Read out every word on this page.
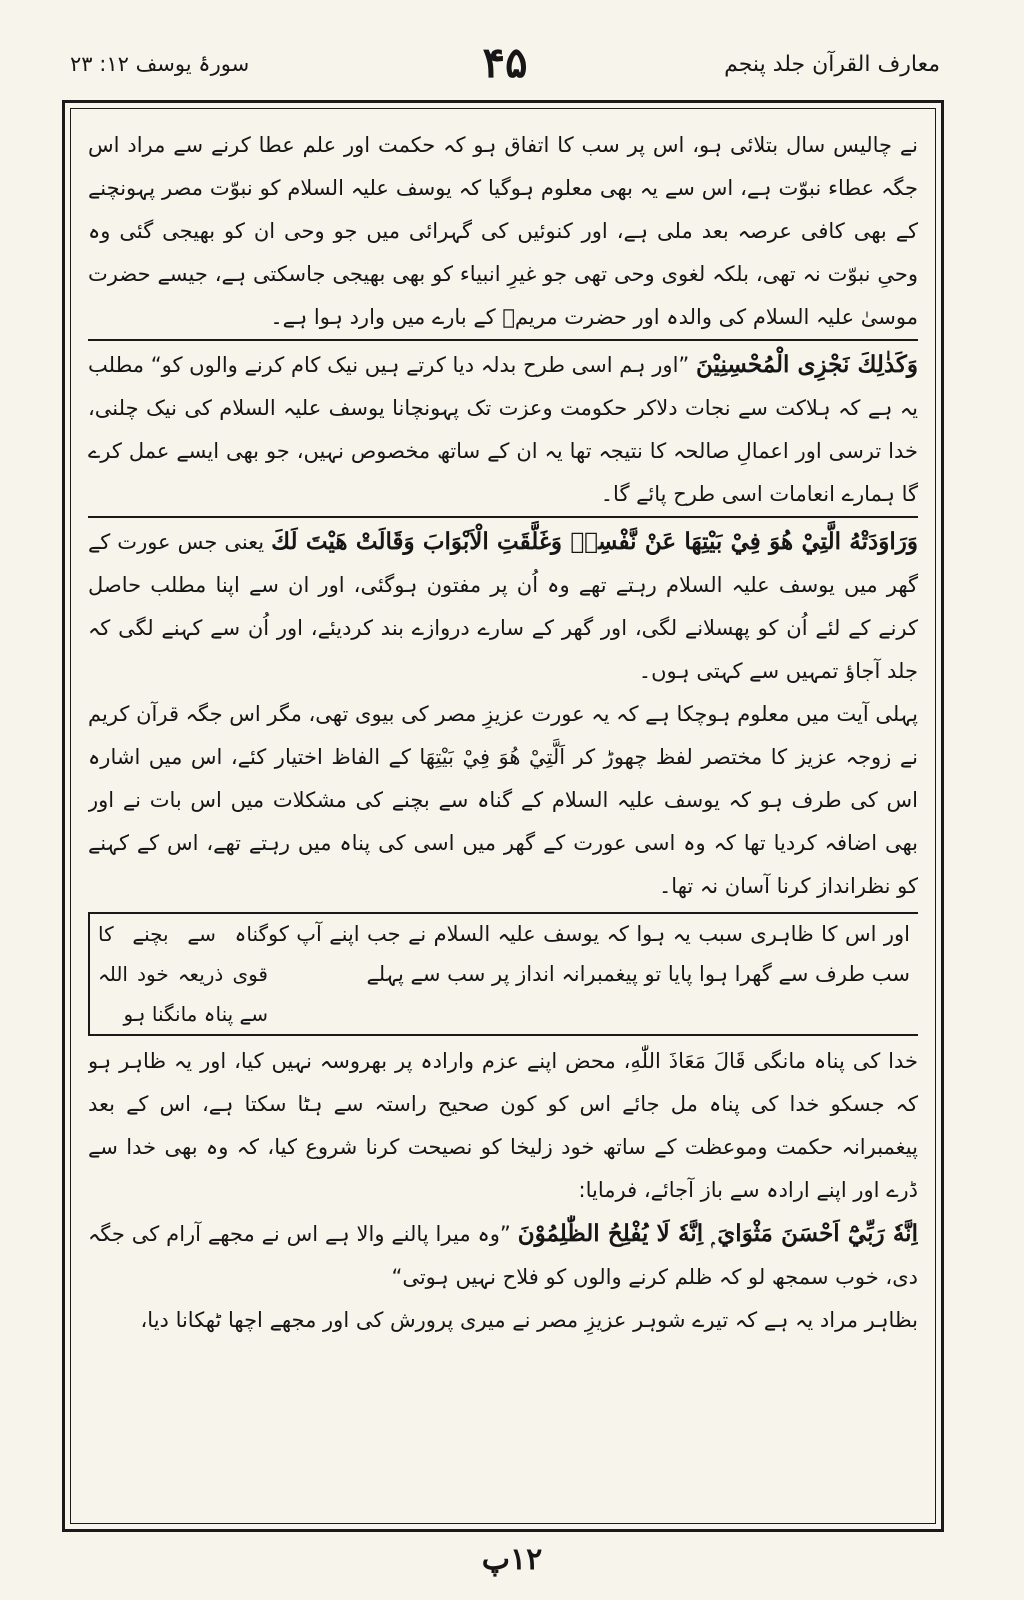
معارف القرآن جلد پنجم
۴۵
سورۂ یوسف ۱۲: ۲۳

نے چالیس سال بتلائی ہو، اس پر سب کا اتفاق ہو کہ حکمت اور علم عطا کرنے سے مراد اس جگہ عطاء نبوّت ہے، اس سے یہ بھی معلوم ہوگیا کہ یوسف علیہ السلام کو نبوّت مصر پہونچنے کے بھی کافی عرصہ بعد ملی ہے، اور کنوئیں کی گہرائی میں جو وحی ان کو بھیجی گئی وہ وحیِ نبوّت نہ تھی، بلکہ لغوی وحی تھی جو غیرِ انبیاء کو بھی بھیجی جاسکتی ہے، جیسے حضرت موسیٰ علیہ السلام کی والدہ اور حضرت مریمؑ کے بارے میں وارد ہوا ہے۔

وَكَذٰلِكَ نَجْزِى الْمُحْسِنِيْنَ ”اور ہم اسی طرح بدلہ دیا کرتے ہیں نیک کام کرنے والوں کو“ مطلب یہ ہے کہ ہلاکت سے نجات دلاکر حکومت وعزت تک پہونچانا یوسف علیہ السلام کی نیک چلنی، خدا ترسی اور اعمالِ صالحہ کا نتیجہ تھا یہ ان کے ساتھ مخصوص نہیں، جو بھی ایسے عمل کرے گا ہمارے انعامات اسی طرح پائے گا۔

وَرَاوَدَتْهُ الَّتِيْ هُوَ فِيْ بَيْتِهَا عَنْ نَّفْسِهٖ وَغَلَّقَتِ الْاَبْوَابَ وَقَالَتْ هَيْتَ لَكَ یعنی جس عورت کے گھر میں یوسف علیہ السلام رہتے تھے وہ اُن پر مفتون ہوگئی، اور ان سے اپنا مطلب حاصل کرنے کے لئے اُن کو پھسلانے لگی، اور گھر کے سارے دروازے بند کردیئے، اور اُن سے کہنے لگی کہ جلد آجاؤ تمہیں سے کہتی ہوں۔

پہلی آیت میں معلوم ہوچکا ہے کہ یہ عورت عزیزِ مصر کی بیوی تھی، مگر اس جگہ قرآن کریم نے زوجہ عزیز کا مختصر لفظ چھوڑ کر اَلَّتِيْ هُوَ فِيْ بَيْتِهَا کے الفاظ اختیار کئے، اس میں اشارہ اس کی طرف ہو کہ یوسف علیہ السلام کے گناہ سے بچنے کی مشکلات میں اس بات نے اور بھی اضافہ کردیا تھا کہ وہ اسی عورت کے گھر میں اسی کی پناہ میں رہتے تھے، اس کے کہنے کو نظرانداز کرنا آسان نہ تھا۔

اور اس کا ظاہری سبب یہ ہوا کہ یوسف علیہ السلام نے جب اپنے آپ کو سب طرف سے گھرا ہوا پایا تو پیغمبرانہ انداز پر سب سے پہلے
گناہ سے بچنے کا قوی ذریعہ خود اللہ سے پناہ مانگنا ہو

خدا کی پناہ مانگی قَالَ مَعَاذَ اللّٰهِ، محض اپنے عزم وارادہ پر بھروسہ نہیں کیا، اور یہ ظاہر ہو کہ جسکو خدا کی پناہ مل جائے اس کو کون صحیح راستہ سے ہٹا سکتا ہے، اس کے بعد پیغمبرانہ حکمت وموعظت کے ساتھ خود زلیخا کو نصیحت کرنا شروع کیا، کہ وہ بھی خدا سے ڈرے اور اپنے ارادہ سے باز آجائے، فرمایا:

اِنَّهٗ رَبِّيْٓ اَحْسَنَ مَثْوَايَ ۭ اِنَّهٗ لَا يُفْلِحُ الظّٰلِمُوْنَ ”وہ میرا پالنے والا ہے اس نے مجھے آرام کی جگہ دی، خوب سمجھ لو کہ ظلم کرنے والوں کو فلاح نہیں ہوتی“

بظاہر مراد یہ ہے کہ تیرے شوہر عزیزِ مصر نے میری پرورش کی اور مجھے اچھا ٹھکانا دیا،

۱۲پ
